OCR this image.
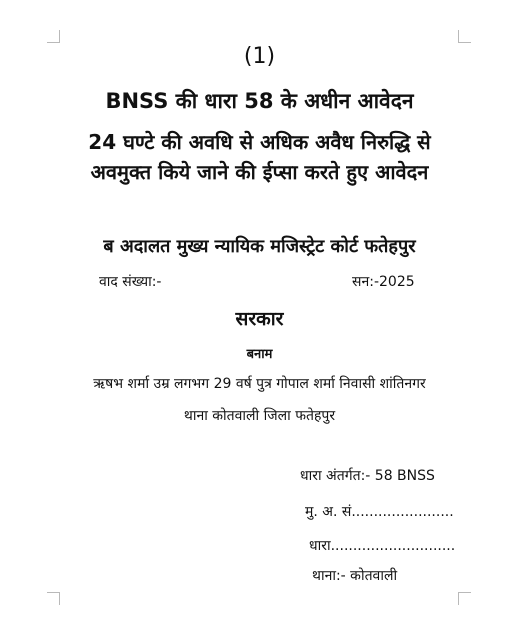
(1)
BNSS की धारा 58 के अधीन आवेदन
24 घण्टे की अवधि से अधिक अवैध निरुद्धि से
अवमुक्त किये जाने की ईप्सा करते हुए आवेदन
ब अदालत मुख्य न्यायिक मजिस्ट्रेट कोर्ट फतेहपुर
वाद संख्या:-	सन:-2025
सरकार
बनाम
ऋषभ शर्मा उम्र लगभग 29 वर्ष पुत्र गोपाल शर्मा निवासी शांतिनगर
थाना कोतवाली जिला फतेहपुर
धारा अंतर्गत:- 58 BNSS
मु. अ. सं.......................
धारा............................
थाना:- कोतवाली
